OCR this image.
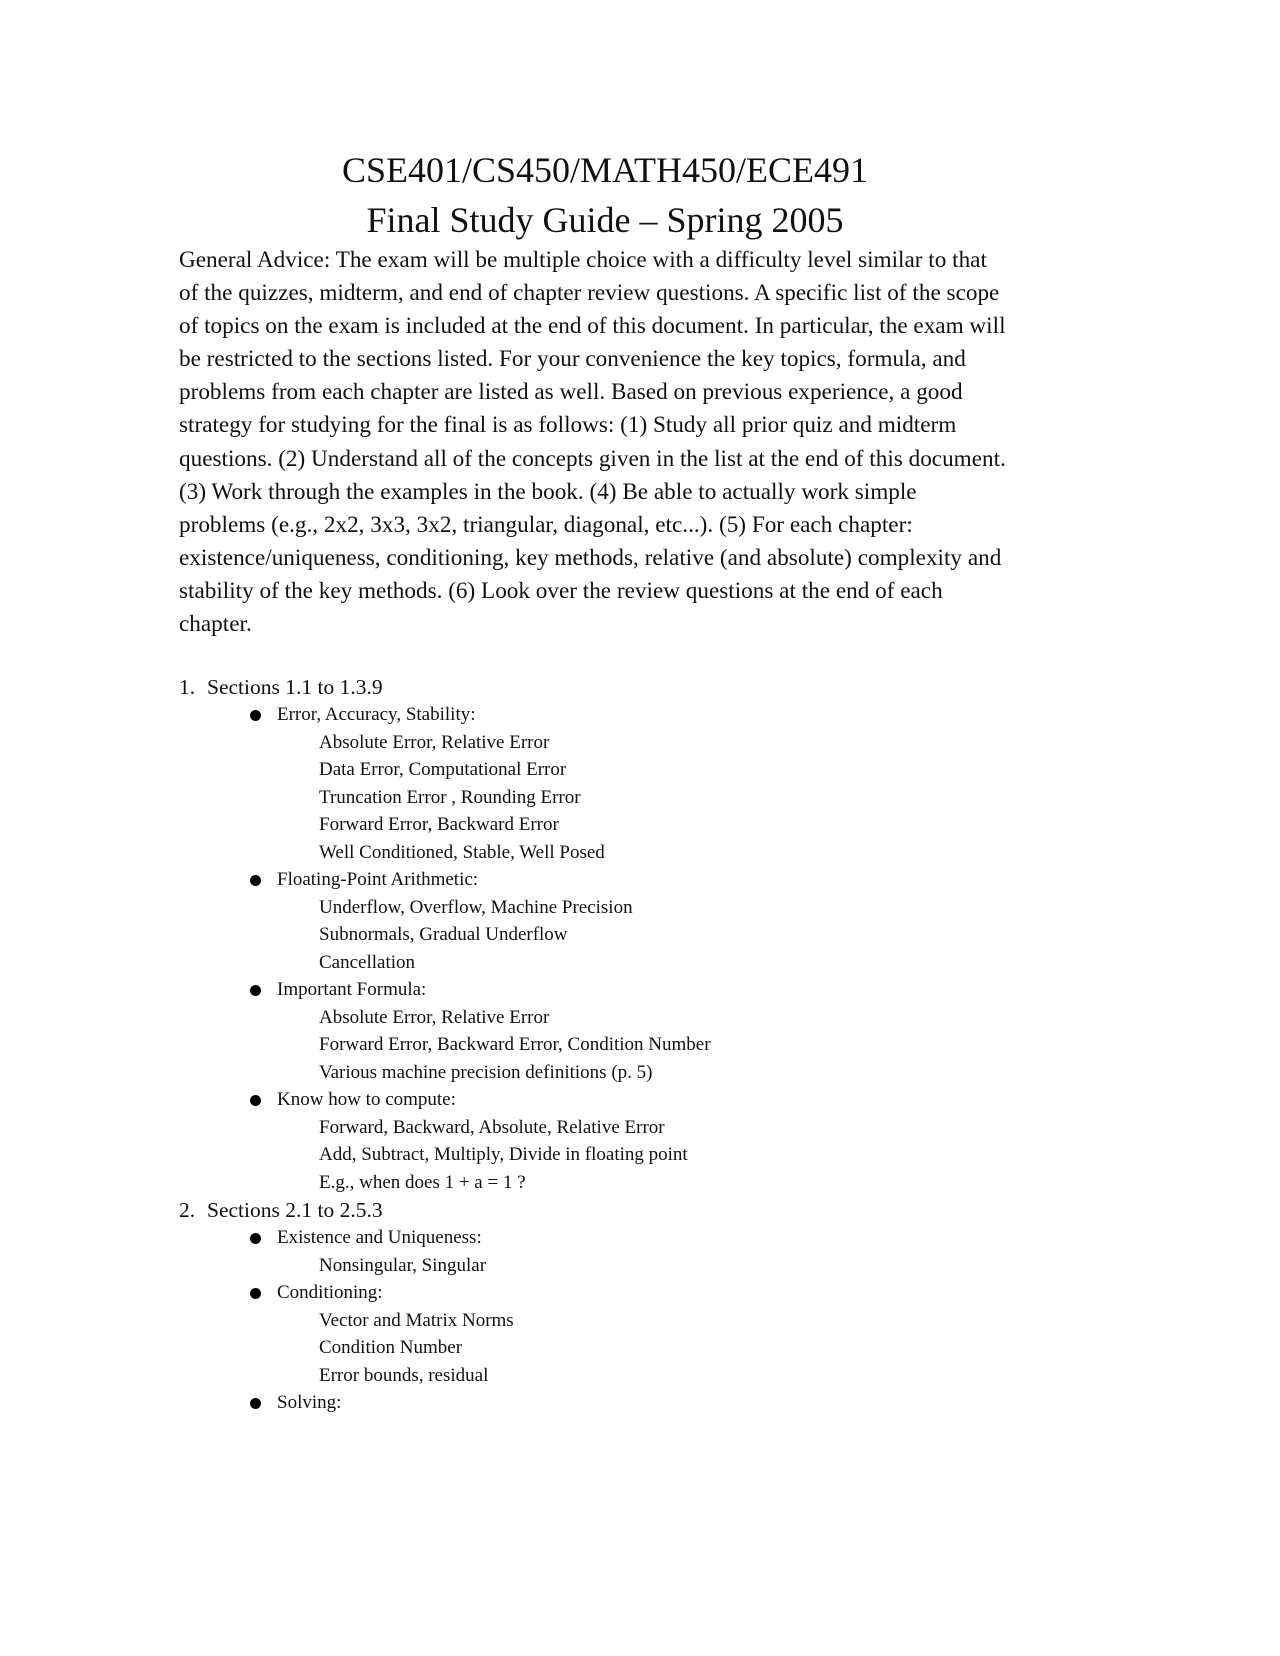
CSE401/CS450/MATH450/ECE491
Final Study Guide – Spring 2005
General Advice: The exam will be multiple choice with a difficulty level similar to that
of the quizzes, midterm, and end of chapter review questions. A specific list of the scope
of topics on the exam is included at the end of this document. In particular, the exam will
be restricted to the sections listed. For your convenience the key topics, formula, and
problems from each chapter are listed as well. Based on previous experience, a good
strategy for studying for the final is as follows: (1) Study all prior quiz and midterm
questions. (2) Understand all of the concepts given in the list at the end of this document.
(3) Work through the examples in the book. (4) Be able to actually work simple
problems (e.g., 2x2, 3x3, 3x2, triangular, diagonal, etc...). (5) For each chapter:
existence/uniqueness, conditioning, key methods, relative (and absolute) complexity and
stability of the key methods. (6) Look over the review questions at the end of each
chapter.
1. Sections 1.1 to 1.3.9
Error, Accuracy, Stability:
Absolute Error, Relative Error
Data Error, Computational Error
Truncation Error , Rounding Error
Forward Error, Backward Error
Well Conditioned, Stable, Well Posed
Floating-Point Arithmetic:
Underflow, Overflow, Machine Precision
Subnormals, Gradual Underflow
Cancellation
Important Formula:
Absolute Error, Relative Error
Forward Error, Backward Error, Condition Number
Various machine precision definitions (p. 5)
Know how to compute:
Forward, Backward, Absolute, Relative Error
Add, Subtract, Multiply, Divide in floating point
E.g., when does 1 + a = 1 ?
2. Sections 2.1 to 2.5.3
Existence and Uniqueness:
Nonsingular, Singular
Conditioning:
Vector and Matrix Norms
Condition Number
Error bounds, residual
Solving:
